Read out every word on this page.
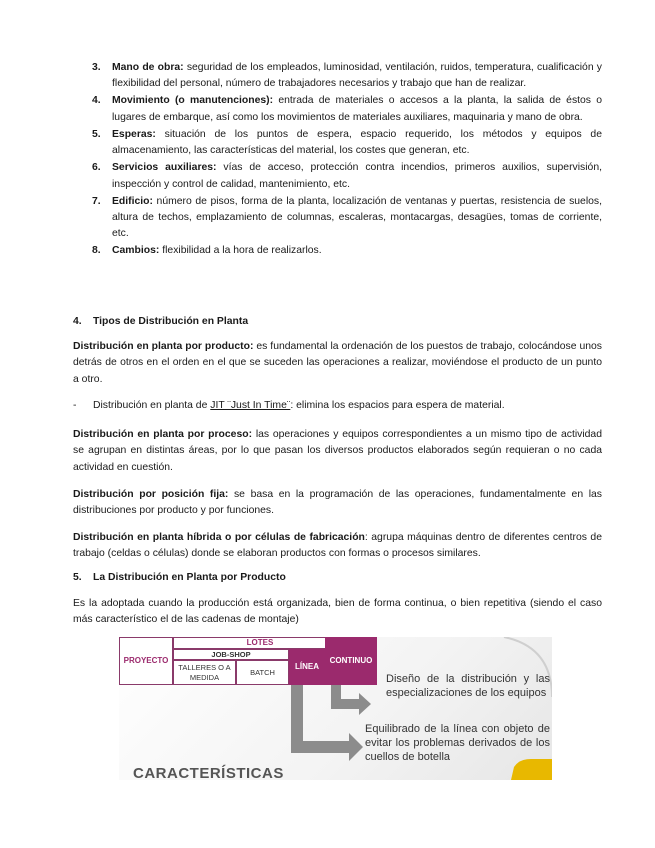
3.	Mano de obra: seguridad de los empleados, luminosidad, ventilación, ruidos, temperatura, cualificación y flexibilidad del personal, número de trabajadores necesarios y trabajo que han de realizar.
4.	Movimiento (o manutenciones): entrada de materiales o accesos a la planta, la salida de éstos o lugares de embarque, así como los movimientos de materiales auxiliares, maquinaria y mano de obra.
5.	Esperas: situación de los puntos de espera, espacio requerido, los métodos y equipos de almacenamiento, las características del material, los costes que generan, etc.
6.	Servicios auxiliares: vías de acceso, protección contra incendios, primeros auxilios, supervisión, inspección y control de calidad, mantenimiento, etc.
7.	Edificio: número de pisos, forma de la planta, localización de ventanas y puertas, resistencia de suelos, altura de techos, emplazamiento de columnas, escaleras, montacargas, desagües, tomas de corriente, etc.
8.	Cambios: flexibilidad a la hora de realizarlos.
4. Tipos de Distribución en Planta
Distribución en planta por producto: es fundamental la ordenación de los puestos de trabajo, colocándose unos detrás de otros en el orden en el que se suceden las operaciones a realizar, moviéndose el producto de un punto a otro.
- Distribución en planta de JIT ¨Just In Time¨: elimina los espacios para espera de material.
Distribución en planta por proceso: las operaciones y equipos correspondientes a un mismo tipo de actividad se agrupan en distintas áreas, por lo que pasan los diversos productos elaborados según requieran o no cada actividad en cuestión.
Distribución por posición fija: se basa en la programación de las operaciones, fundamentalmente en las distribuciones por producto y por funciones.
Distribución en planta híbrida o por células de fabricación: agrupa máquinas dentro de diferentes centros de trabajo (celdas o células) donde se elaboran productos con formas o procesos similares.
5. La Distribución en Planta por Producto
Es la adoptada cuando la producción está organizada, bien de forma continua, o bien repetitiva (siendo el caso más característico el de las cadenas de montaje)
PROYECTO
LOTES
JOB-SHOP
TALLERES O A MEDIDA
BATCH
LÍNEA
CONTINUO
Diseño de la distribución y las especializaciones de los equipos
Equilibrado de la línea con objeto de evitar los problemas derivados de los cuellos de botella
CARACTERÍSTICAS
